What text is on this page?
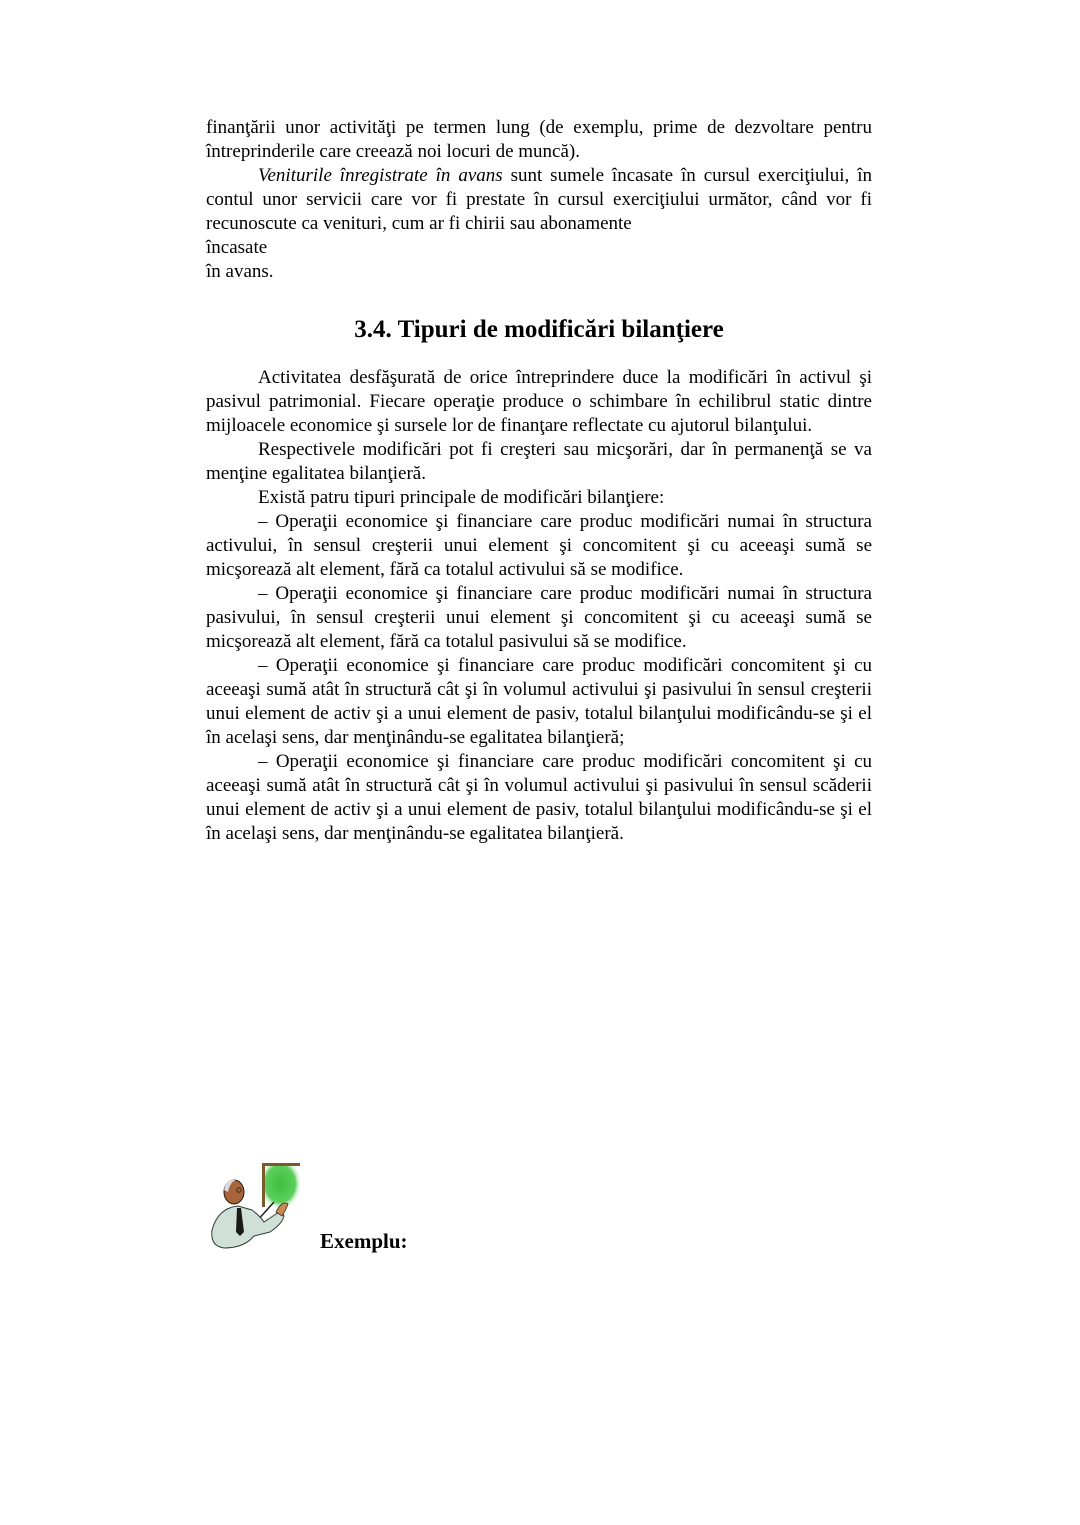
finanţării unor activităţi pe termen lung (de exemplu, prime de dezvoltare pentru întreprinderile care creează noi locuri de muncă).

Veniturile înregistrate în avans sunt sumele încasate în cursul exerciţiului, în contul unor servicii care vor fi prestate în cursul exerciţiului următor, când vor fi recunoscute ca venituri, cum ar fi chirii sau abonamente

încasate

în avans.

3.4. Tipuri de modificări bilanţiere

Activitatea desfăşurată de orice întreprindere duce la modificări în activul şi pasivul patrimonial. Fiecare operaţie produce o schimbare în echilibrul static dintre mijloacele economice şi sursele lor de finanţare reflectate cu ajutorul bilanţului.

Respectivele modificări pot fi creşteri sau micşorări, dar în permanenţă se va menţine egalitatea bilanţieră.

Există patru tipuri principale de modificări bilanţiere:

– Operaţii economice şi financiare care produc modificări numai în structura activului, în sensul creşterii unui element şi concomitent şi cu aceeaşi sumă se micşorează alt element, fără ca totalul activului să se modifice.

– Operaţii economice şi financiare care produc modificări numai în structura pasivului, în sensul creşterii unui element şi concomitent şi cu aceeaşi sumă se micşorează alt element, fără ca totalul pasivului să se modifice.

– Operaţii economice şi financiare care produc modificări concomitent şi cu aceeaşi sumă atât în structură cât şi în volumul activului şi pasivului în sensul creşterii unui element de activ şi a unui element de pasiv, totalul bilanţului modificându-se şi el în acelaşi sens, dar menţinându-se egalitatea bilanţieră;

– Operaţii economice şi financiare care produc modificări concomitent şi cu aceeaşi sumă atât în structură cât şi în volumul activului şi pasivului în sensul scăderii unui element de activ şi a unui element de pasiv, totalul bilanţului modificându-se şi el în acelaşi sens, dar menţinându-se egalitatea bilanţieră.

Exemplu:
